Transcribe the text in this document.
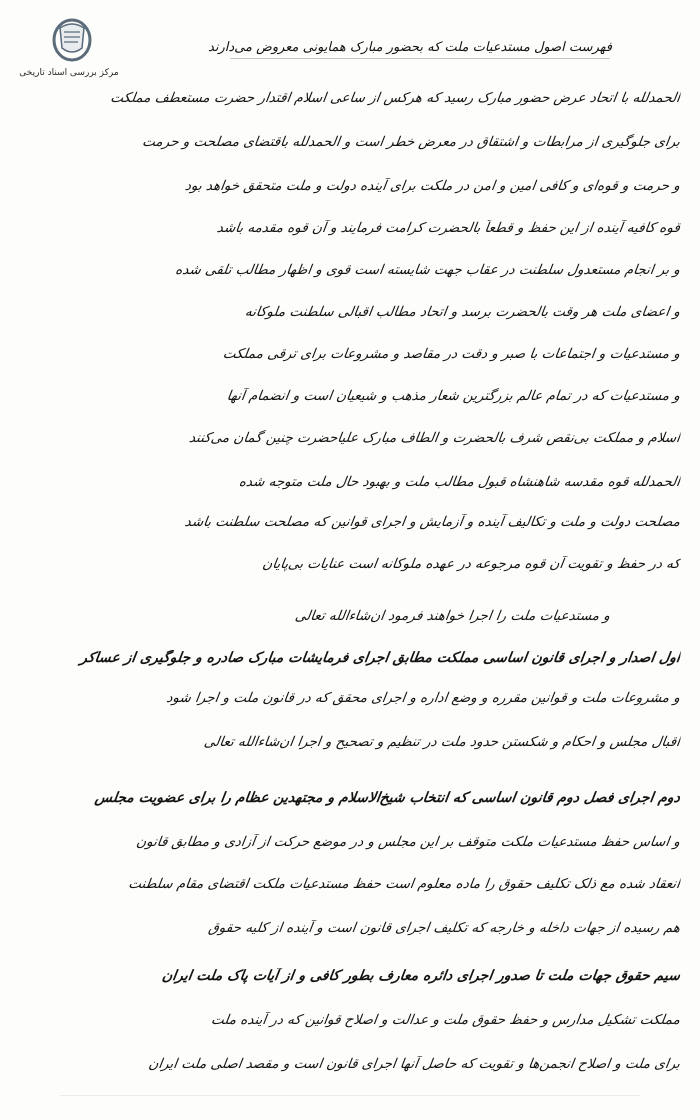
مرکز بررسی اسناد تاریخی
فهرست اصول مستدعیات ملت که بحضور مبارک همایونی معروض می‌دارند
الحمدلله با اتحاد عرض حضور مبارک رسید که هرکس از ساعی اسلام اقتدار حضرت مستعطف مملکت
برای جلوگیری از مرابطات و اشتقاق در معرض خطر است و الحمدلله باقتضای مصلحت و حرمت
و حرمت و قوه‌ای و کافی امین و امن در ملکت برای آینده دولت و ملت متحقق خواهد بود
قوه کافیه آینده از این حفظ و قطعاً بالحضرت کرامت فرمایند و آن قوه مقدمه باشد
و بر انجام مستعدول سلطنت در عقاب جهت شایسته است قوی و اظهار مطالب تلقی شده
و اعضای ملت هر وقت بالحضرت برسد و اتحاد مطالب اقبالی سلطنت ملوکانه
و مستدعیات و اجتماعات با صبر و دقت در مقاصد و مشروعات برای ترقی مملکت
و مستدعیات که در تمام عالم بزرگترین شعار مذهب و شیعیان است و انضمام آنها
اسلام و مملکت بی‌نقص شرف بالحضرت و الطاف مبارک علیاحضرت چنین گمان می‌کنند
الحمدلله قوه مقدسه شاهنشاه قبول مطالب ملت و بهبود حال ملت متوجه شده
مصلحت دولت و ملت و تکالیف آینده و آزمایش و اجرای قوانین که مصلحت سلطنت باشد
که در حفظ و تقویت آن قوه مرجوعه در عهده ملوکانه است عنایات بی‌پایان
و مستدعیات ملت را اجرا خواهند فرمود ان‌شاءالله تعالی
اول اصدار و اجرای قانون اساسی مملکت مطابق اجرای فرمایشات مبارک صادره و جلوگیری از عساکر
و مشروعات ملت و قوانین مقرره و وضع اداره و اجرای محقق که در قانون ملت و اجرا شود
اقبال مجلس و احکام و شکستن حدود ملت در تنظیم و تصحیح و اجرا ان‌شاءالله تعالی
دوم اجرای فصل دوم قانون اساسی که انتخاب شیخ‌الاسلام و مجتهدین عظام را برای عضویت مجلس
و اساس حفظ مستدعیات ملکت متوقف بر این مجلس و در موضع حرکت از آزادی و مطابق قانون
انعقاد شده مع ذلک تکلیف حقوق را ماده معلوم است حفظ مستدعیات ملکت اقتضای مقام سلطنت
هم رسیده از جهات داخله و خارجه که تکلیف اجرای قانون است و آینده از کلیه حقوق
سیم حقوق جهات ملت تا صدور اجرای دائره معارف بطور کافی و از آیات پاک ملت ایران
مملکت تشکیل مدارس و حفظ حقوق ملت و عدالت و اصلاح قوانین که در آینده ملت
برای ملت و اصلاح انجمن‌ها و تقویت که حاصل آنها اجرای قانون است و مقصد اصلی ملت ایران
